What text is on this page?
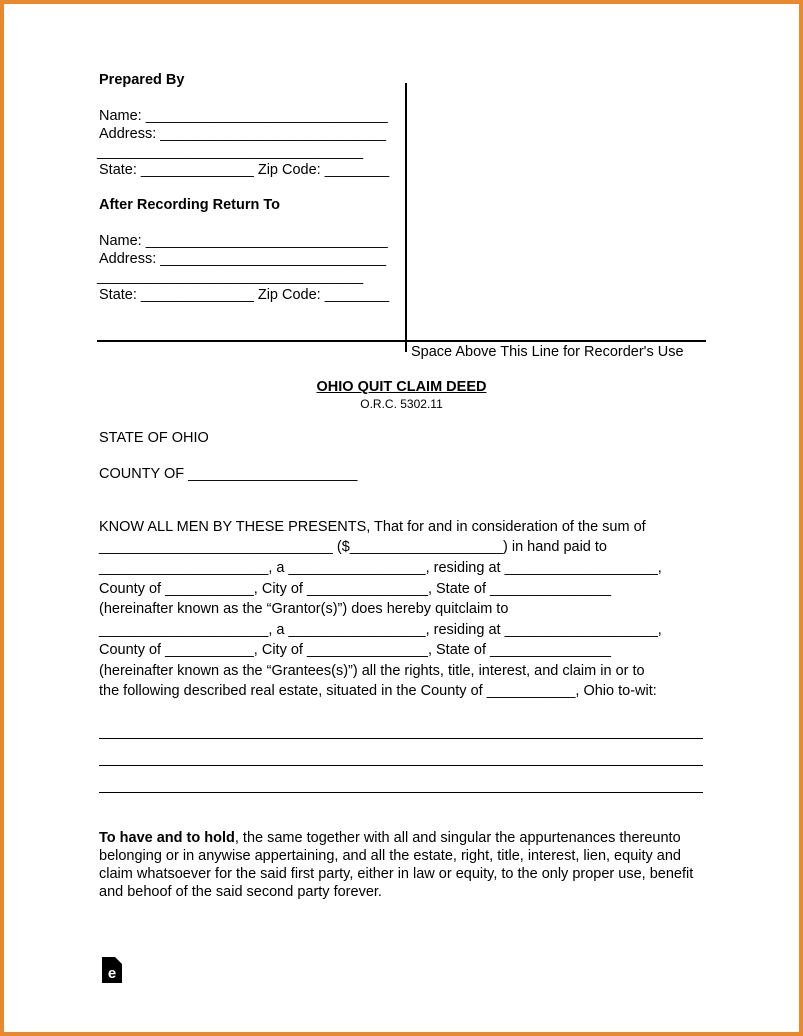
Prepared By

Name: ______________________________

Address: ____________________________

_________________________________

State: ______________ Zip Code: ________

After Recording Return To

Name: ______________________________

Address: ____________________________

_________________________________

State: ______________ Zip Code: ________

Space Above This Line for Recorder's Use

OHIO QUIT CLAIM DEED

O.R.C. 5302.11

STATE OF OHIO

COUNTY OF _____________________

KNOW ALL MEN BY THESE PRESENTS, That for and in consideration of the sum of

_____________________________ ($___________________) in hand paid to

_____________________, a _________________, residing at ___________________,

County of ___________, City of _______________, State of _______________

(hereinafter known as the “Grantor(s)”) does hereby quitclaim to

_____________________, a _________________, residing at ___________________,

County of ___________, City of _______________, State of _______________

(hereinafter known as the “Grantees(s)”) all the rights, title, interest, and claim in or to

the following described real estate, situated in the County of ___________, Ohio to-wit:

To have and to hold, the same together with all and singular the appurtenances thereunto belonging or in anywise appertaining, and all the estate, right, title, interest, lien, equity and claim whatsoever for the said first party, either in law or equity, to the only proper use, benefit and behoof of the said second party forever.

e
